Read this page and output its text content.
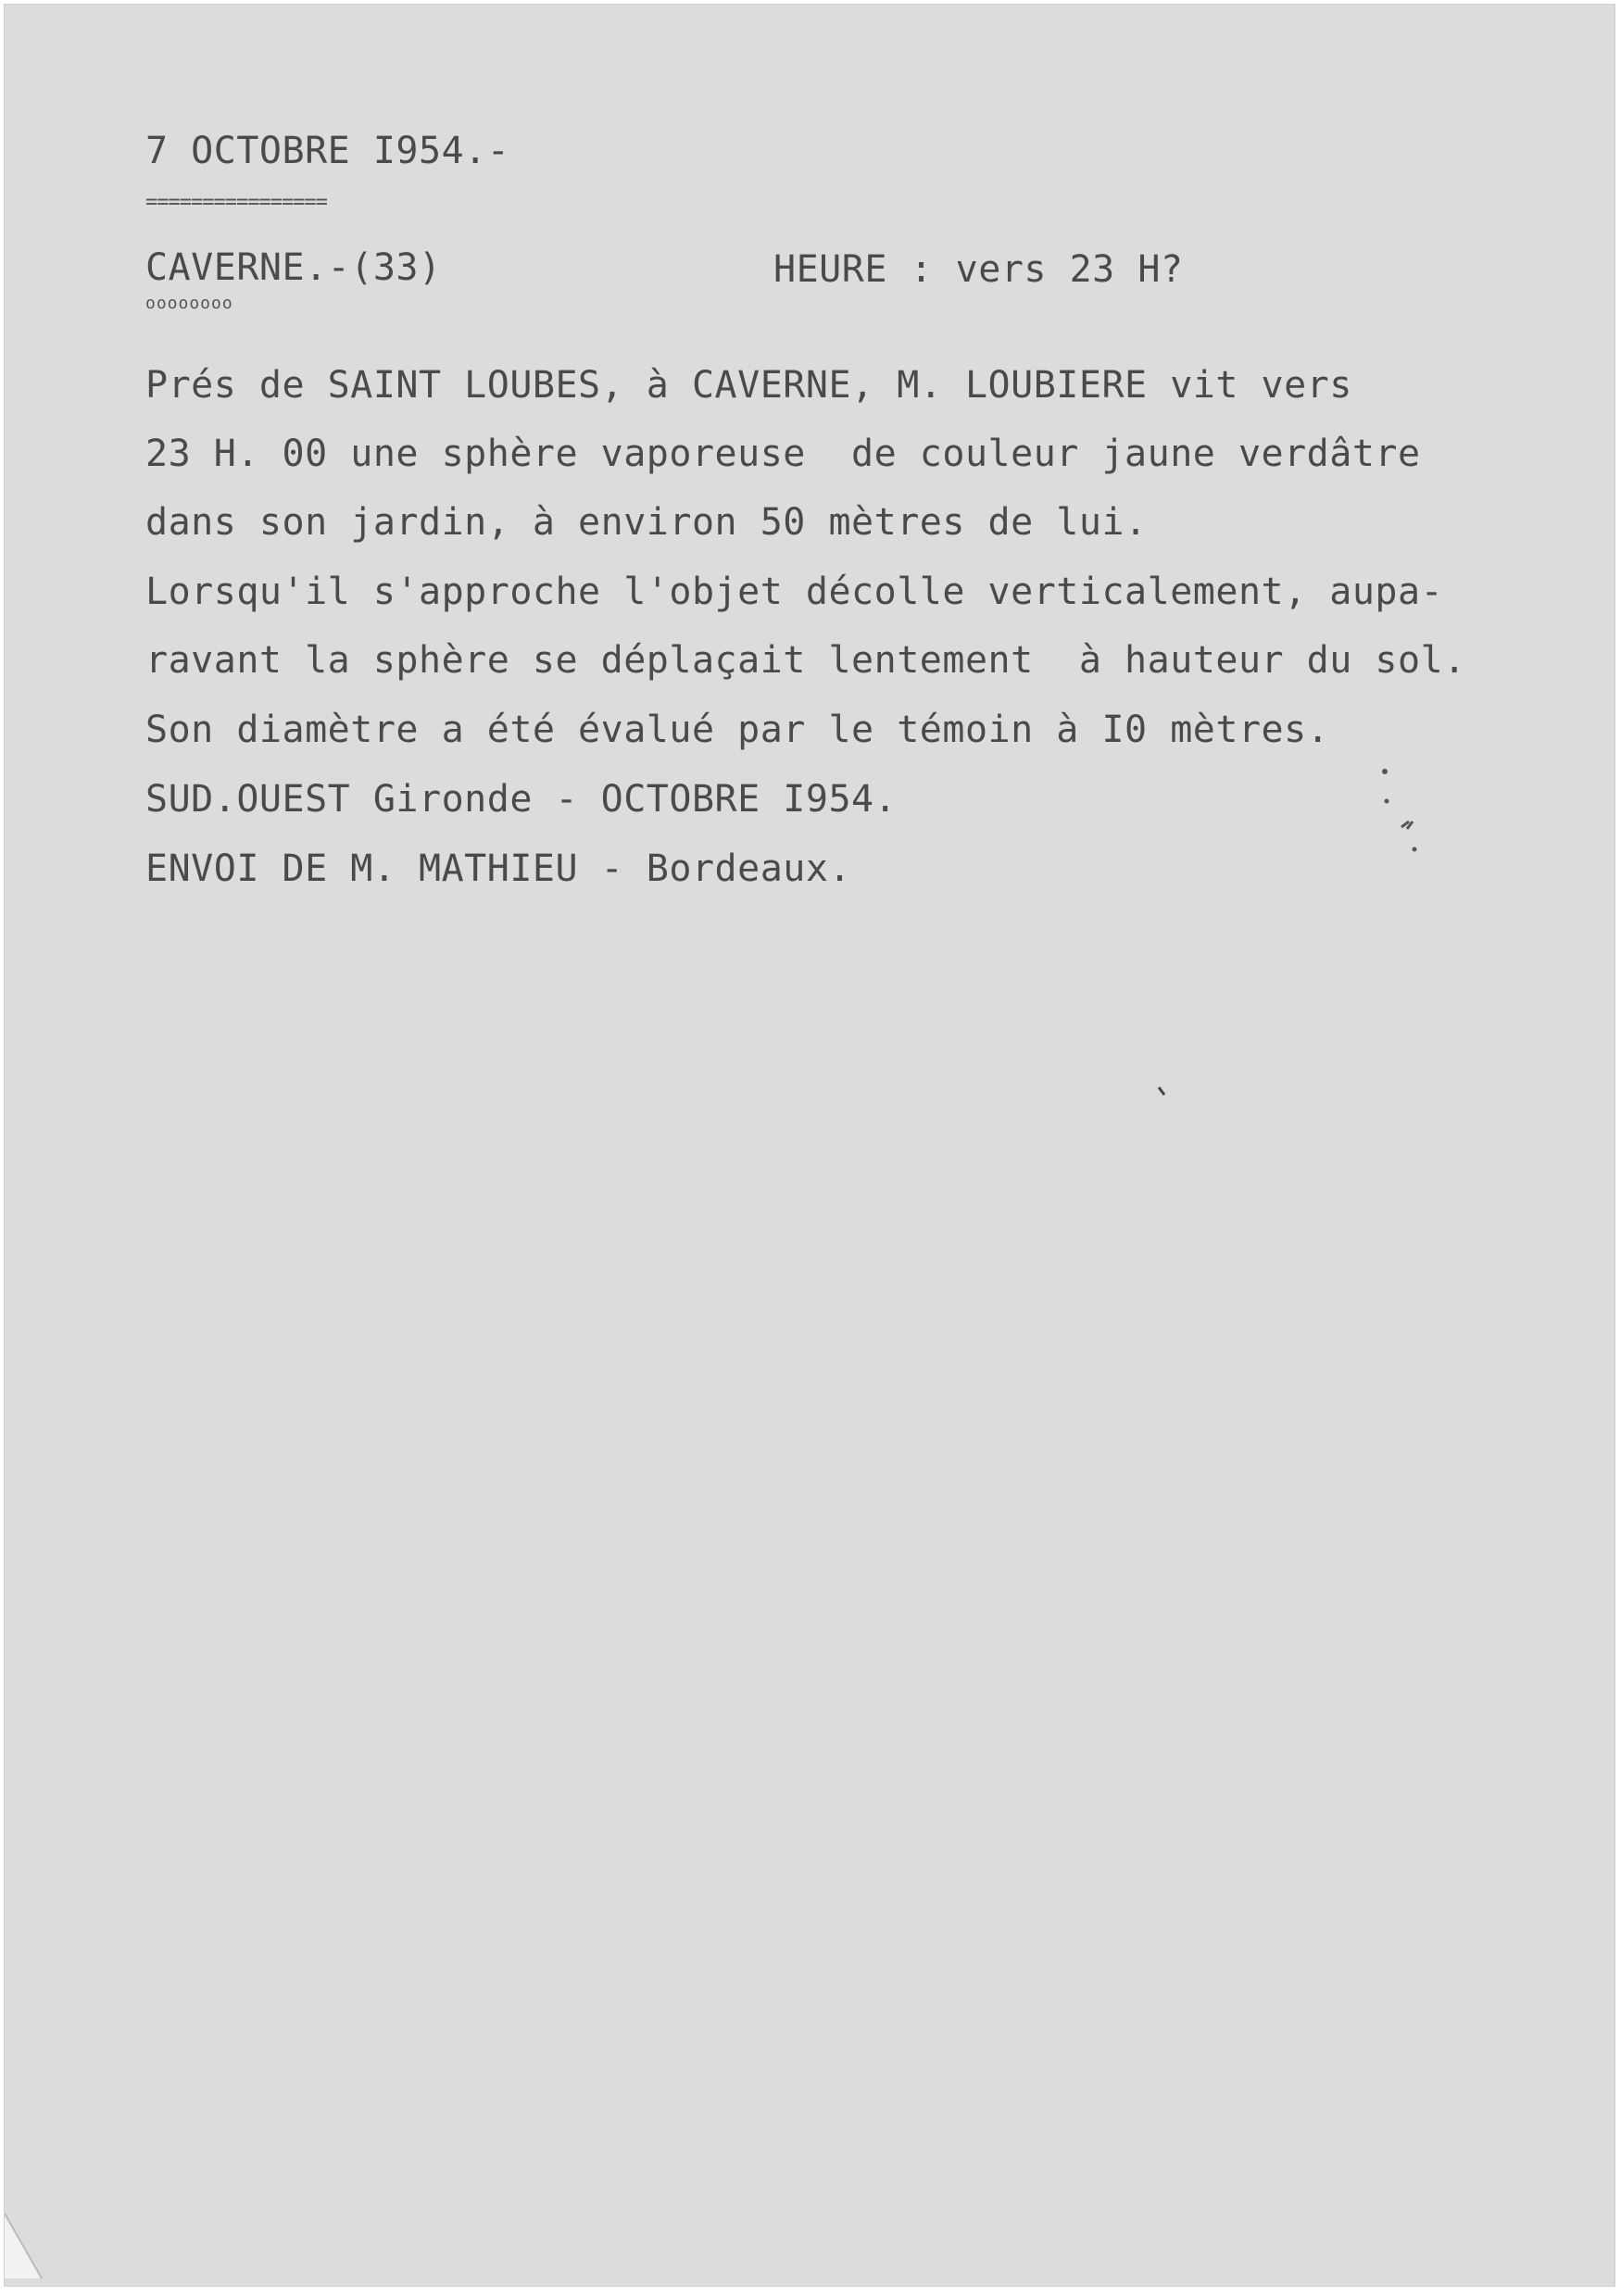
7 OCTOBRE I954.-
================
CAVERNE.-(33)
oooooooo
HEURE : vers 23 H?
Prés de SAINT LOUBES, à CAVERNE, M. LOUBIERE vit vers
23 H. 00 une sphère vaporeuse  de couleur jaune verdâtre
dans son jardin, à environ 50 mètres de lui.
Lorsqu'il s'approche l'objet décolle verticalement, aupa-
ravant la sphère se déplaçait lentement  à hauteur du sol.
Son diamètre a été évalué par le témoin à I0 mètres.
SUD.OUEST Gironde - OCTOBRE I954.
ENVOI DE M. MATHIEU - Bordeaux.
